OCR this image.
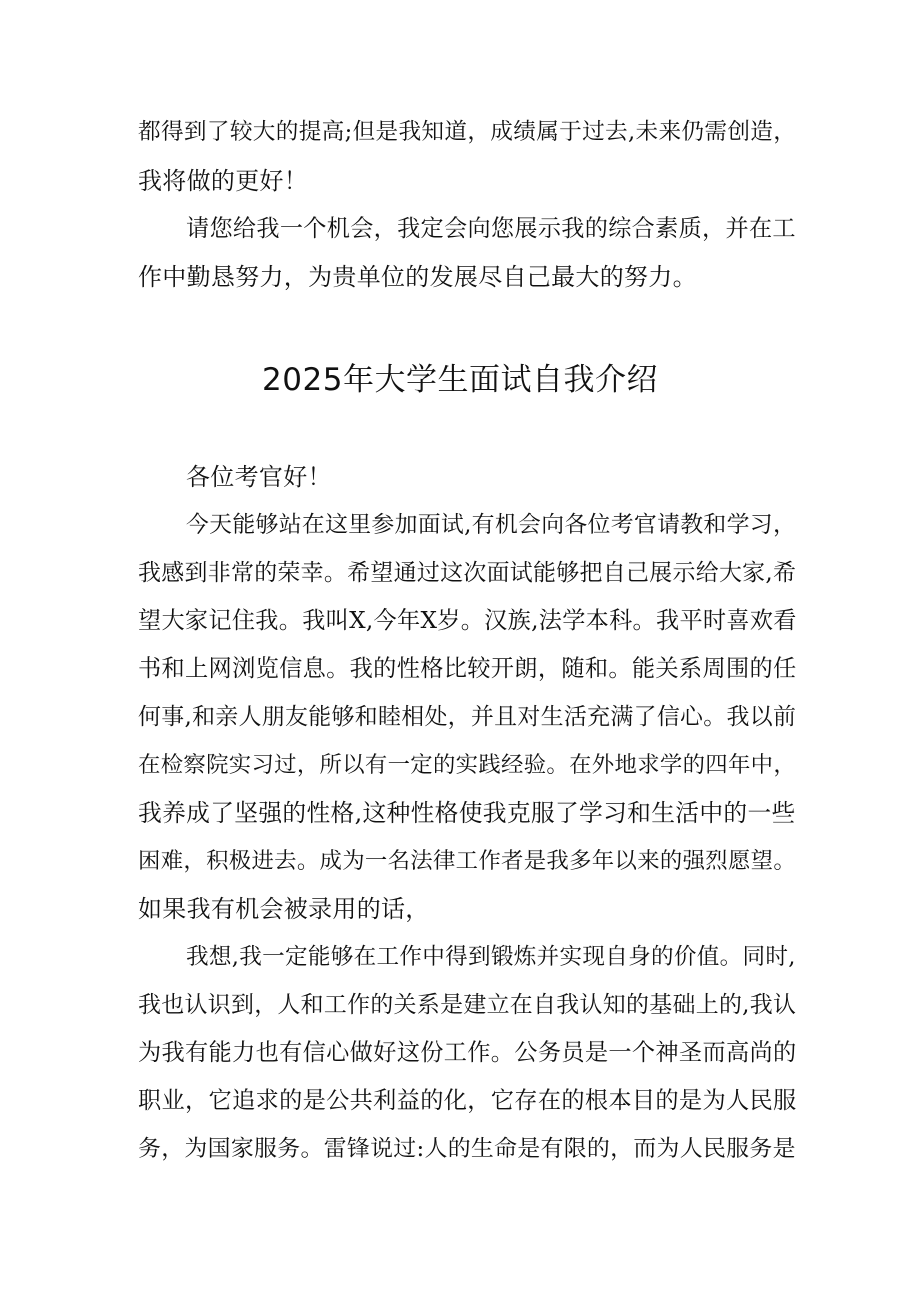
都得到了较大的提高;但是我知道，成绩属于过去,未来仍需创造，
我将做的更好！
请您给我一个机会，我定会向您展示我的综合素质，并在工
作中勤恳努力，为贵单位的发展尽自己最大的努力。
2025年大学生面试自我介绍
各位考官好！
今天能够站在这里参加面试,有机会向各位考官请教和学习，
我感到非常的荣幸。希望通过这次面试能够把自己展示给大家,希
望大家记住我。我叫X,今年X岁。汉族,法学本科。我平时喜欢看
书和上网浏览信息。我的性格比较开朗，随和。能关系周围的任
何事,和亲人朋友能够和睦相处，并且对生活充满了信心。我以前
在检察院实习过，所以有一定的实践经验。在外地求学的四年中，
我养成了坚强的性格,这种性格使我克服了学习和生活中的一些
困难，积极进去。成为一名法律工作者是我多年以来的强烈愿望。
如果我有机会被录用的话，
我想,我一定能够在工作中得到锻炼并实现自身的价值。同时,
我也认识到，人和工作的关系是建立在自我认知的基础上的,我认
为我有能力也有信心做好这份工作。公务员是一个神圣而高尚的
职业，它追求的是公共利益的化，它存在的根本目的是为人民服
务，为国家服务。雷锋说过:人的生命是有限的，而为人民服务是
